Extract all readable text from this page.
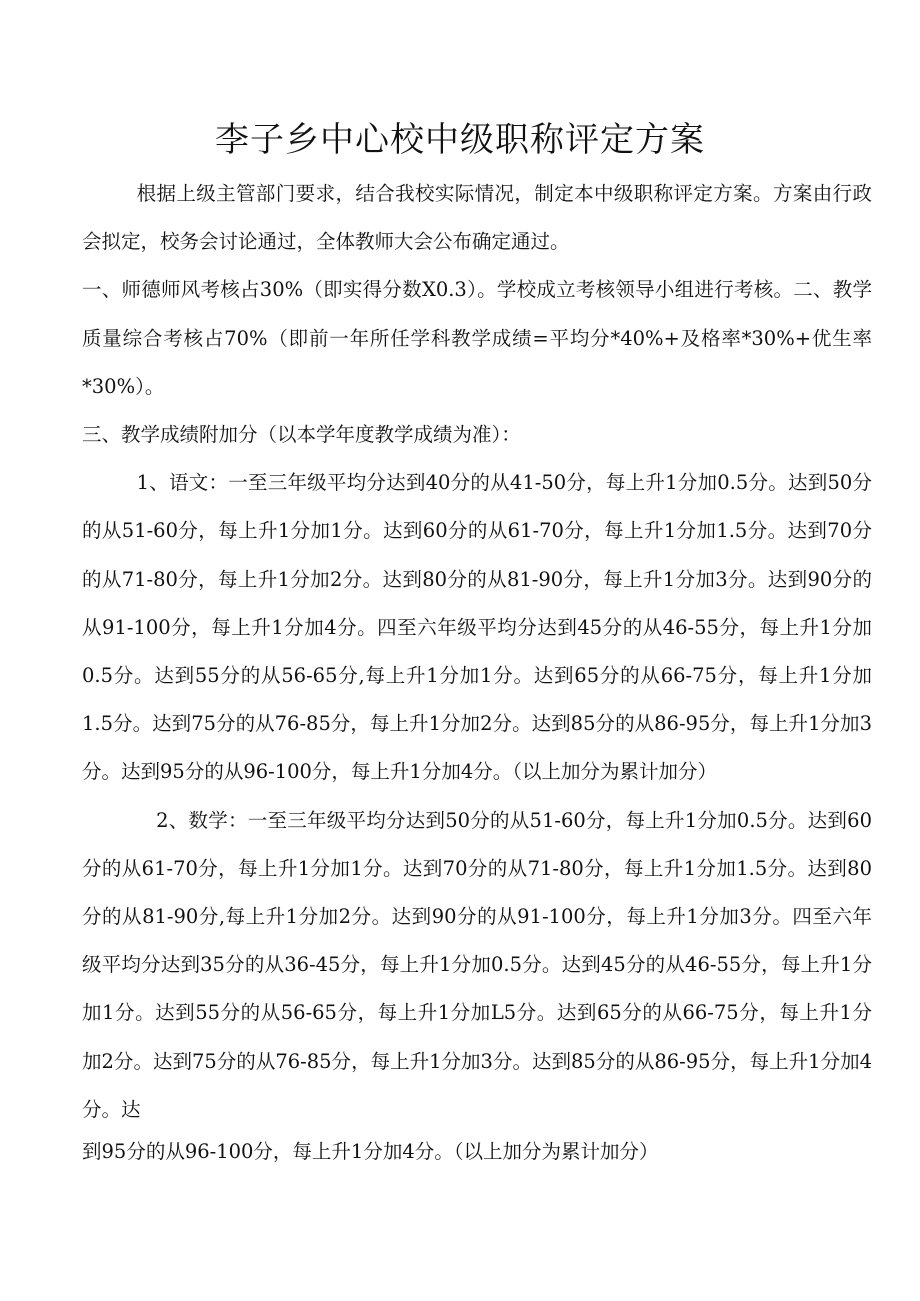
李子乡中心校中级职称评定方案

根据上级主管部门要求，结合我校实际情况，制定本中级职称评定方案。方案由行政会拟定，校务会讨论通过，全体教师大会公布确定通过。

一、师德师风考核占30%（即实得分数X0.3）。学校成立考核领导小组进行考核。二、教学质量综合考核占70%（即前一年所任学科教学成绩=平均分*40%+及格率*30%+优生率*30%）。

三、教学成绩附加分（以本学年度教学成绩为准）：

1、语文：一至三年级平均分达到40分的从41-50分，每上升1分加0.5分。达到50分的从51-60分，每上升1分加1分。达到60分的从61-70分，每上升1分加1.5分。达到70分的从71-80分，每上升1分加2分。达到80分的从81-90分，每上升1分加3分。达到90分的从91-100分，每上升1分加4分。四至六年级平均分达到45分的从46-55分，每上升1分加0.5分。达到55分的从56-65分,每上升1分加1分。达到65分的从66-75分，每上升1分加1.5分。达到75分的从76-85分，每上升1分加2分。达到85分的从86-95分，每上升1分加3分。达到95分的从96-100分，每上升1分加4分。（以上加分为累计加分）

2、数学：一至三年级平均分达到50分的从51-60分，每上升1分加0.5分。达到60分的从61-70分，每上升1分加1分。达到70分的从71-80分，每上升1分加1.5分。达到80分的从81-90分,每上升1分加2分。达到90分的从91-100分，每上升1分加3分。四至六年级平均分达到35分的从36-45分，每上升1分加0.5分。达到45分的从46-55分，每上升1分加1分。达到55分的从56-65分，每上升1分加L5分。达到65分的从66-75分，每上升1分加2分。达到75分的从76-85分，每上升1分加3分。达到85分的从86-95分，每上升1分加4分。达

到95分的从96-100分，每上升1分加4分。（以上加分为累计加分）
